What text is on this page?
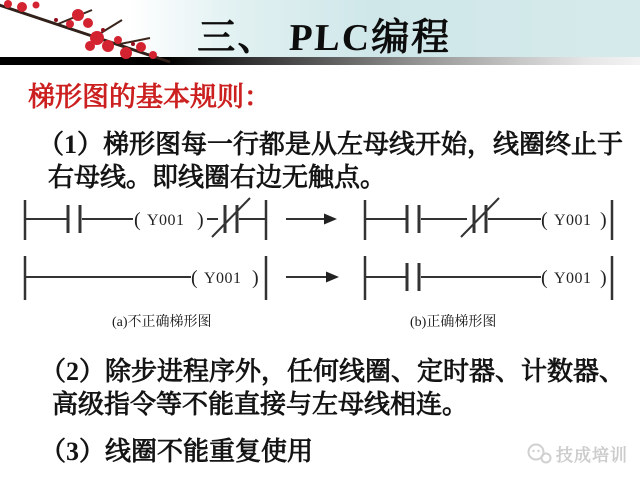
三、 PLC编程
梯形图的基本规则：
（1）梯形图每一行都是从左母线开始，线圈终止于
右母线。即线圈右边无触点。
( Y001 )
( Y001 )
( Y001 )
( Y001 )
(a)不正确梯形图	(b)正确梯形图
（2）除步进程序外，任何线圈、定时器、计数器、
高级指令等不能直接与左母线相连。
（3）线圈不能重复使用	技成培训
